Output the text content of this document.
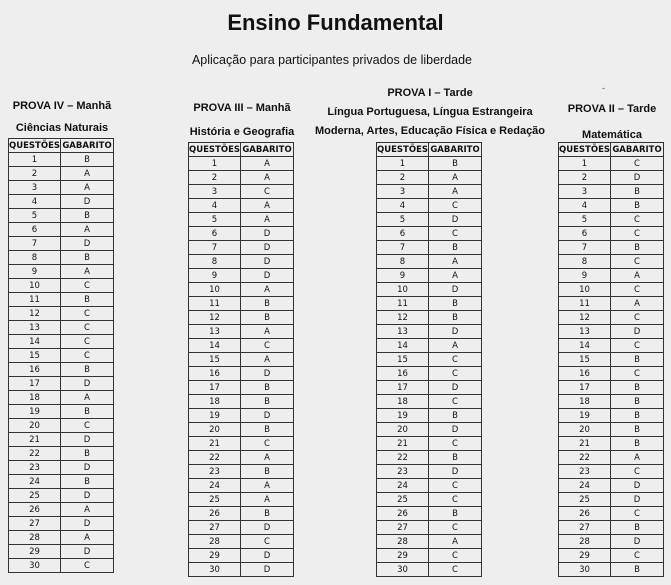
Ensino Fundamental
Aplicação para participantes privados de liberdade
-
PROVA IV – Manhã
Ciências Naturais
QUESTÕES	GABARITO
1	B
2	A
3	A
4	D
5	B
6	A
7	D
8	B
9	A
10	C
11	B
12	C
13	C
14	C
15	C
16	B
17	D
18	A
19	B
20	C
21	D
22	B
23	D
24	B
25	D
26	A
27	D
28	A
29	D
30	C
PROVA III – Manhã
História e Geografia
QUESTÕES	GABARITO
1	A
2	A
3	C
4	A
5	A
6	D
7	D
8	D
9	D
10	A
11	B
12	B
13	A
14	C
15	A
16	D
17	B
18	B
19	D
20	B
21	C
22	A
23	B
24	A
25	A
26	B
27	D
28	C
29	D
30	D
PROVA I – Tarde
Língua Portuguesa, Língua Estrangeira
Moderna, Artes, Educação Física e Redação
QUESTÕES	GABARITO
1	B
2	A
3	A
4	C
5	D
6	C
7	B
8	A
9	A
10	D
11	B
12	B
13	D
14	A
15	C
16	C
17	D
18	C
19	B
20	D
21	C
22	B
23	D
24	C
25	C
26	B
27	C
28	A
29	C
30	C
PROVA II – Tarde
Matemática
QUESTÕES	GABARITO
1	C
2	D
3	B
4	B
5	C
6	C
7	B
8	C
9	A
10	C
11	A
12	C
13	D
14	C
15	B
16	C
17	B
18	B
19	B
20	B
21	B
22	A
23	C
24	D
25	D
26	C
27	B
28	D
29	C
30	B
